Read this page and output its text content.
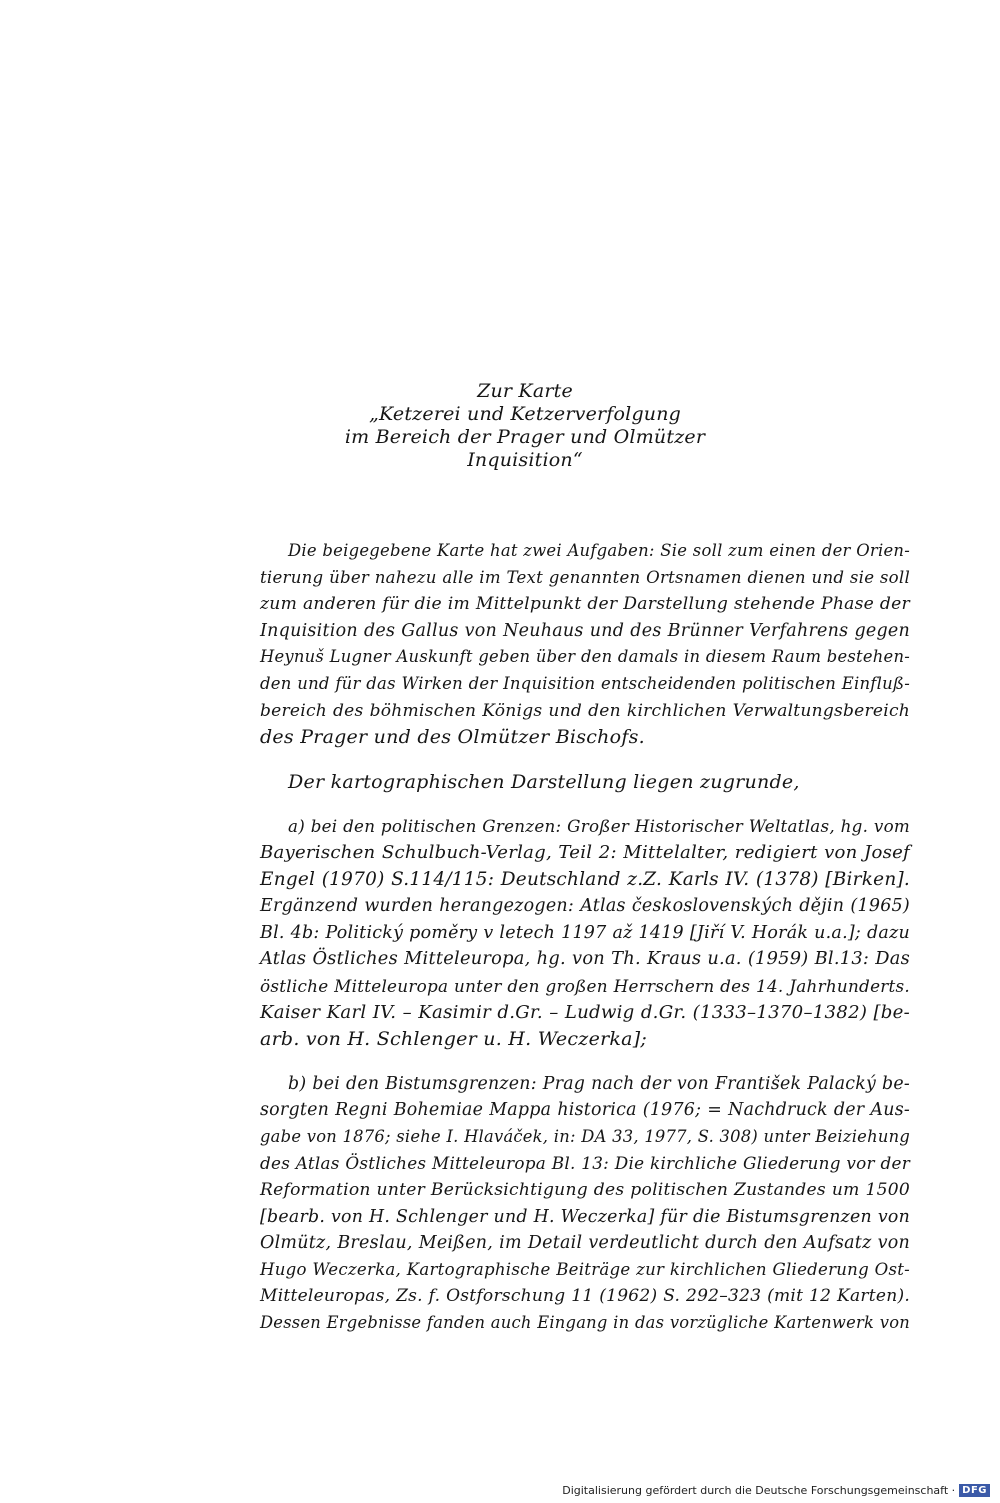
Zur Karte
„Ketzerei und Ketzerverfolgung
im Bereich der Prager und Olmützer
Inquisition“
Die beigegebene Karte hat zwei Aufgaben: Sie soll zum einen der Orien-
tierung über nahezu alle im Text genannten Ortsnamen dienen und sie soll
zum anderen für die im Mittelpunkt der Darstellung stehende Phase der
Inquisition des Gallus von Neuhaus und des Brünner Verfahrens gegen
Heynuš Lugner Auskunft geben über den damals in diesem Raum bestehen-
den und für das Wirken der Inquisition entscheidenden politischen Einfluß-
bereich des böhmischen Königs und den kirchlichen Verwaltungsbereich
des Prager und des Olmützer Bischofs.
Der kartographischen Darstellung liegen zugrunde,
a) bei den politischen Grenzen: Großer Historischer Weltatlas, hg. vom
Bayerischen Schulbuch-Verlag, Teil 2: Mittelalter, redigiert von Josef
Engel (1970) S.114/115: Deutschland z.Z. Karls IV. (1378) [Birken].
Ergänzend wurden herangezogen: Atlas československých dějin (1965)
Bl. 4b: Politický poměry v letech 1197 až 1419 [Jiří V. Horák u.a.]; dazu
Atlas Östliches Mitteleuropa, hg. von Th. Kraus u.a. (1959) Bl.13: Das
östliche Mitteleuropa unter den großen Herrschern des 14. Jahrhunderts.
Kaiser Karl IV. – Kasimir d.Gr. – Ludwig d.Gr. (1333–1370–1382) [be-
arb. von H. Schlenger u. H. Weczerka];
b) bei den Bistumsgrenzen: Prag nach der von František Palacký be-
sorgten Regni Bohemiae Mappa historica (1976; = Nachdruck der Aus-
gabe von 1876; siehe I. Hlaváček, in: DA 33, 1977, S. 308) unter Beiziehung
des Atlas Östliches Mitteleuropa Bl. 13: Die kirchliche Gliederung vor der
Reformation unter Berücksichtigung des politischen Zustandes um 1500
[bearb. von H. Schlenger und H. Weczerka] für die Bistumsgrenzen von
Olmütz, Breslau, Meißen, im Detail verdeutlicht durch den Aufsatz von
Hugo Weczerka, Kartographische Beiträge zur kirchlichen Gliederung Ost-
Mitteleuropas, Zs. f. Ostforschung 11 (1962) S. 292–323 (mit 12 Karten).
Dessen Ergebnisse fanden auch Eingang in das vorzügliche Kartenwerk von
Digitalisierung gefördert durch die Deutsche Forschungsgemeinschaft · DFG
